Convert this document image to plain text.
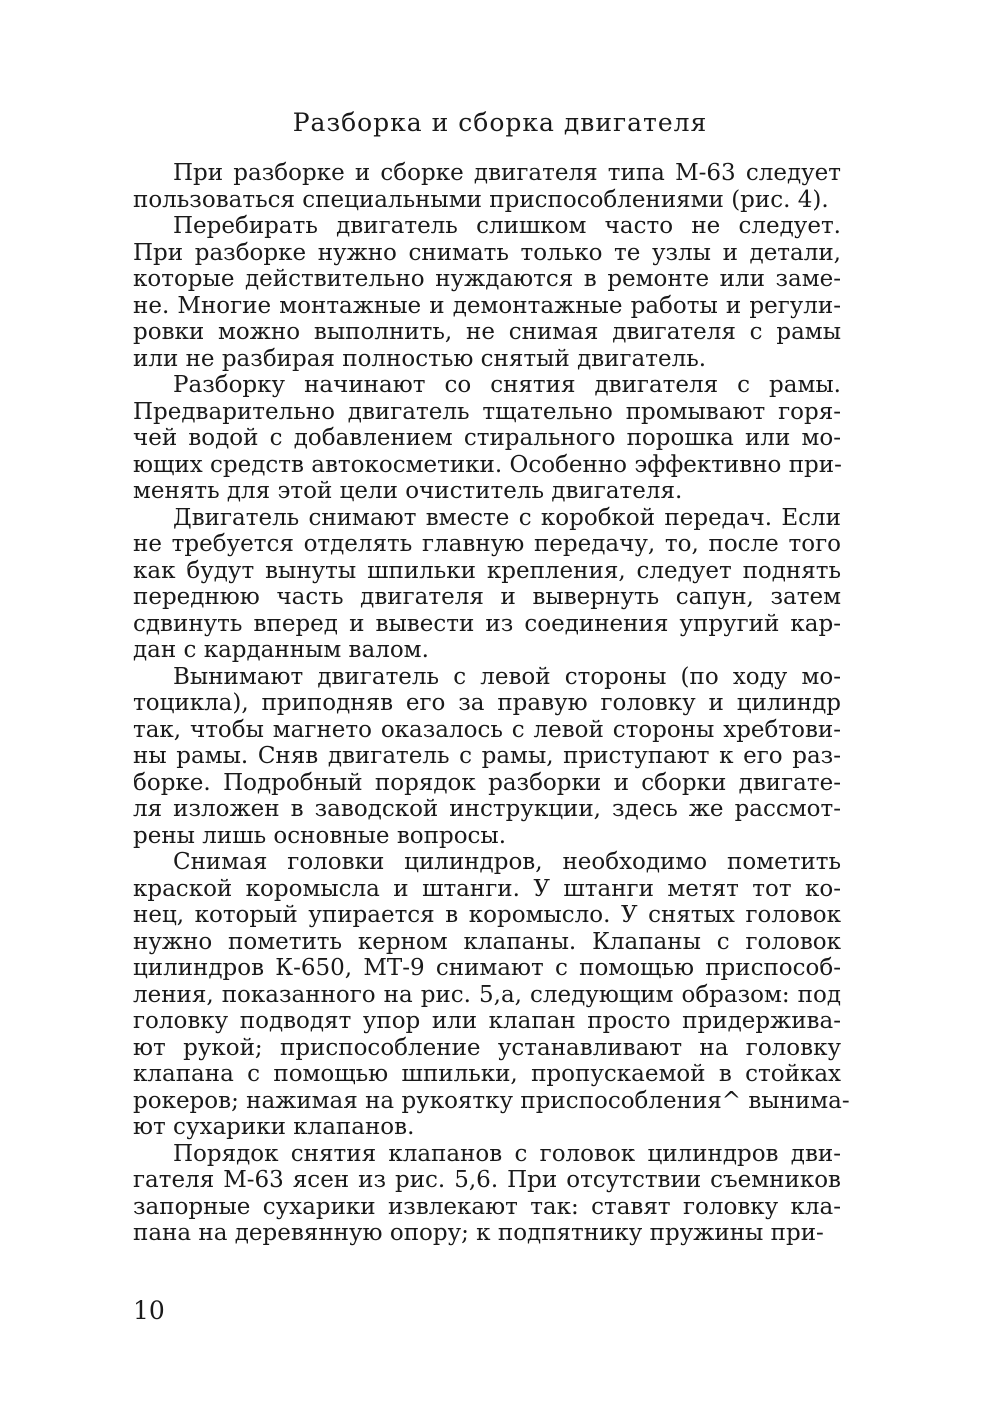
Разборка и сборка двигателя
При разборке и сборке двигателя типа М-63 следует
пользоваться специальными приспособлениями (рис. 4).
Перебирать двигатель слишком часто не следует.
При разборке нужно снимать только те узлы и детали,
которые действительно нуждаются в ремонте или заме-
не. Многие монтажные и демонтажные работы и регули-
ровки можно выполнить, не снимая двигателя с рамы
или не разбирая полностью снятый двигатель.
Разборку начинают со снятия двигателя с рамы.
Предварительно двигатель тщательно промывают горя-
чей водой с добавлением стирального порошка или мо-
ющих средств автокосметики. Особенно эффективно при-
менять для этой цели очиститель двигателя.
Двигатель снимают вместе с коробкой передач. Если
не требуется отделять главную передачу, то, после того
как будут вынуты шпильки крепления, следует поднять
переднюю часть двигателя и вывернуть сапун, затем
сдвинуть вперед и вывести из соединения упругий кар-
дан с карданным валом.
Вынимают двигатель с левой стороны (по ходу мо-
тоцикла), приподняв его за правую головку и цилиндр
так, чтобы магнето оказалось с левой стороны хребтови-
ны рамы. Сняв двигатель с рамы, приступают к его раз-
борке. Подробный порядок разборки и сборки двигате-
ля изложен в заводской инструкции, здесь же рассмот-
рены лишь основные вопросы.
Снимая головки цилиндров, необходимо пометить
краской коромысла и штанги. У штанги метят тот ко-
нец, который упирается в коромысло. У снятых головок
нужно пометить керном клапаны. Клапаны с головок
цилиндров К-650, МТ-9 снимают с помощью приспособ-
ления, показанного на рис. 5,а, следующим образом: под
головку подводят упор или клапан просто придержива-
ют рукой; приспособление устанавливают на головку
клапана с помощью шпильки, пропускаемой в стойках
рокеров; нажимая на рукоятку приспособления^ вынима-
ют сухарики клапанов.
Порядок снятия клапанов с головок цилиндров дви-
гателя М-63 ясен из рис. 5,6. При отсутствии съемников
запорные сухарики извлекают так: ставят головку кла-
пана на деревянную опору; к подпятнику пружины при-
10
